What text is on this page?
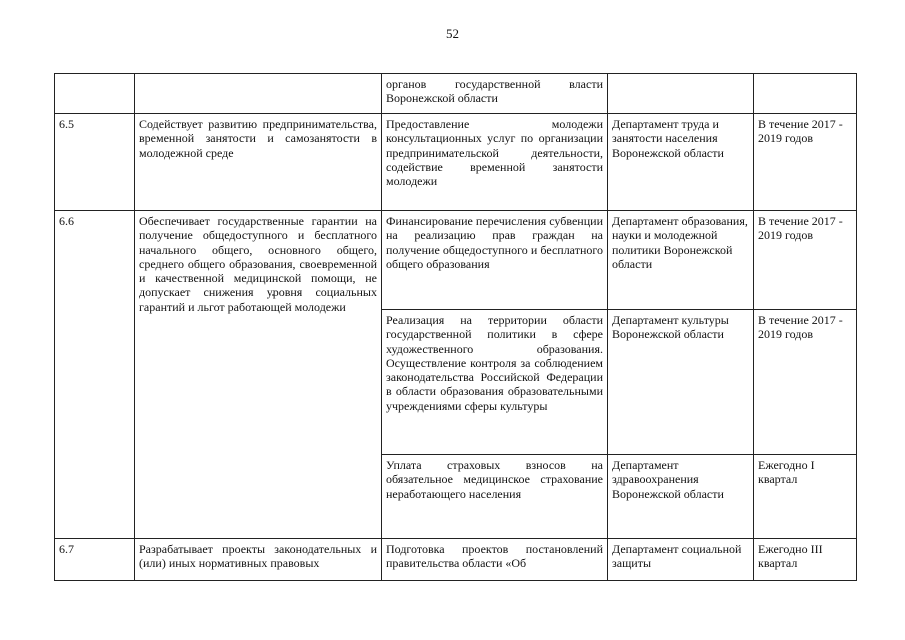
52
		органов государственной власти Воронежской области		
6.5	Содействует развитию предпринимательства, временной занятости и самозанятости в молодежной среде	Предоставление молодежи консультационных услуг по организации предпринимательской деятельности, содействие временной занятости молодежи	Департамент труда и занятости населения Воронежской области	В течение 2017 - 2019 годов
6.6	Обеспечивает государственные гарантии на получение общедоступного и бесплатного начального общего, основного общего, среднего общего образования, своевременной и качественной медицинской помощи, не допускает снижения уровня социальных гарантий и льгот работающей молодежи	Финансирование перечисления субвенции на реализацию прав граждан на получение общедоступного и бесплатного общего образования	Департамент образования, науки и молодежной политики Воронежской области	В течение 2017 - 2019 годов
		Реализация на территории области государственной политики в сфере художественного образования. Осуществление контроля за соблюдением законодательства Российской Федерации в области образования образовательными учреждениями сферы культуры	Департамент культуры Воронежской области	В течение 2017 - 2019 годов
		Уплата страховых взносов на обязательное медицинское страхование неработающего населения	Департамент здравоохранения Воронежской области	Ежегодно I квартал
6.7	Разрабатывает проекты законодательных и (или) иных нормативных правовых	Подготовка проектов постановлений правительства области «Об	Департамент социальной защиты	Ежегодно III квартал
